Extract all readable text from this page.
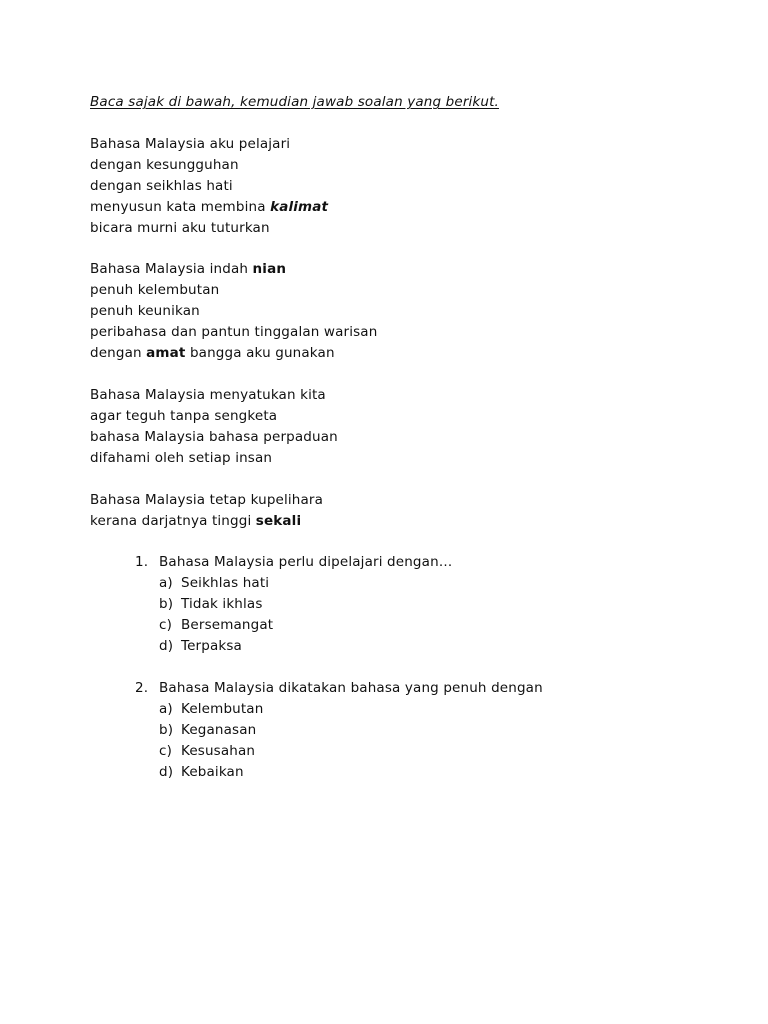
Baca sajak di bawah, kemudian jawab soalan yang berikut.

Bahasa Malaysia aku pelajari
dengan kesungguhan
dengan seikhlas hati
menyusun kata membina kalimat
bicara murni aku tuturkan
Bahasa Malaysia indah nian
penuh kelembutan
penuh keunikan
peribahasa dan pantun tinggalan warisan
dengan amat bangga aku gunakan
Bahasa Malaysia menyatukan kita
agar teguh tanpa sengketa
bahasa Malaysia bahasa perpaduan
difahami oleh setiap insan
Bahasa Malaysia tetap kupelihara
kerana darjatnya tinggi sekali
1. Bahasa Malaysia perlu dipelajari dengan…
a) Seikhlas hati
b) Tidak ikhlas
c) Bersemangat
d) Terpaksa
2. Bahasa Malaysia dikatakan bahasa yang penuh dengan
a) Kelembutan
b) Keganasan
c) Kesusahan
d) Kebaikan
